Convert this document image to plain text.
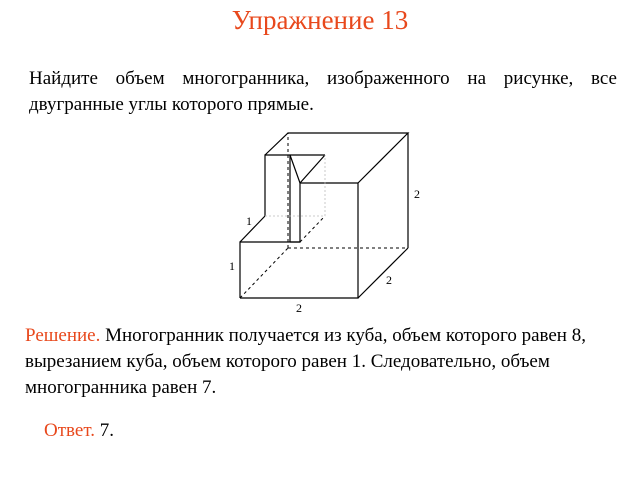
Упражнение 13
Найдите объем многогранника, изображенного на рисунке, все двугранные углы которого прямые.
2
1
1
2
2
Решение. Многогранник получается из куба, объем которого равен 8, вырезанием куба, объем которого равен 1. Следовательно, объем многогранника равен 7.
Ответ. 7.
